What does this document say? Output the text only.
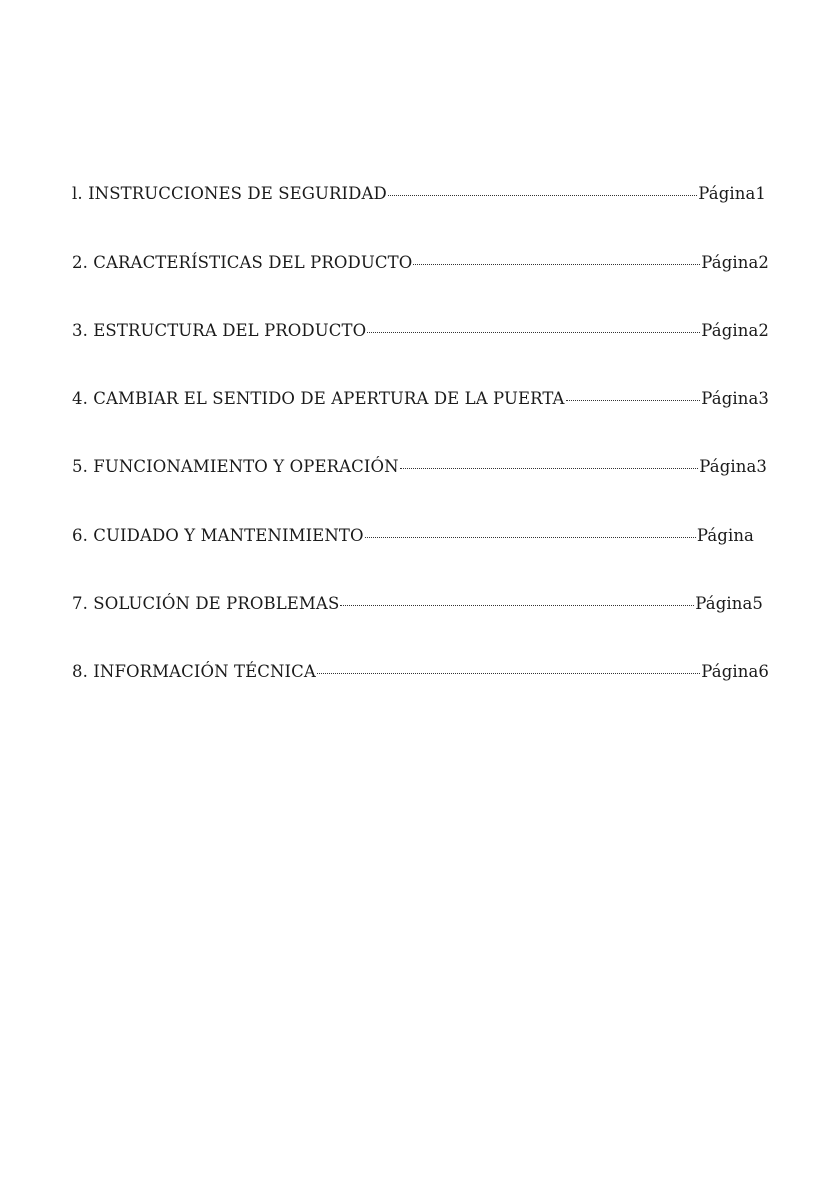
l. INSTRUCCIONES DE SEGURIDAD	Página1
2. CARACTERÍSTICAS DEL PRODUCTO	Página2
3. ESTRUCTURA DEL PRODUCTO	Página2
4. CAMBIAR EL SENTIDO DE APERTURA DE LA PUERTA	Página3
5. FUNCIONAMIENTO Y OPERACIÓN	Página3
6. CUIDADO Y MANTENIMIENTO	Página
7. SOLUCIÓN DE PROBLEMAS	Página5
8. INFORMACIÓN TÉCNICA	Página6
